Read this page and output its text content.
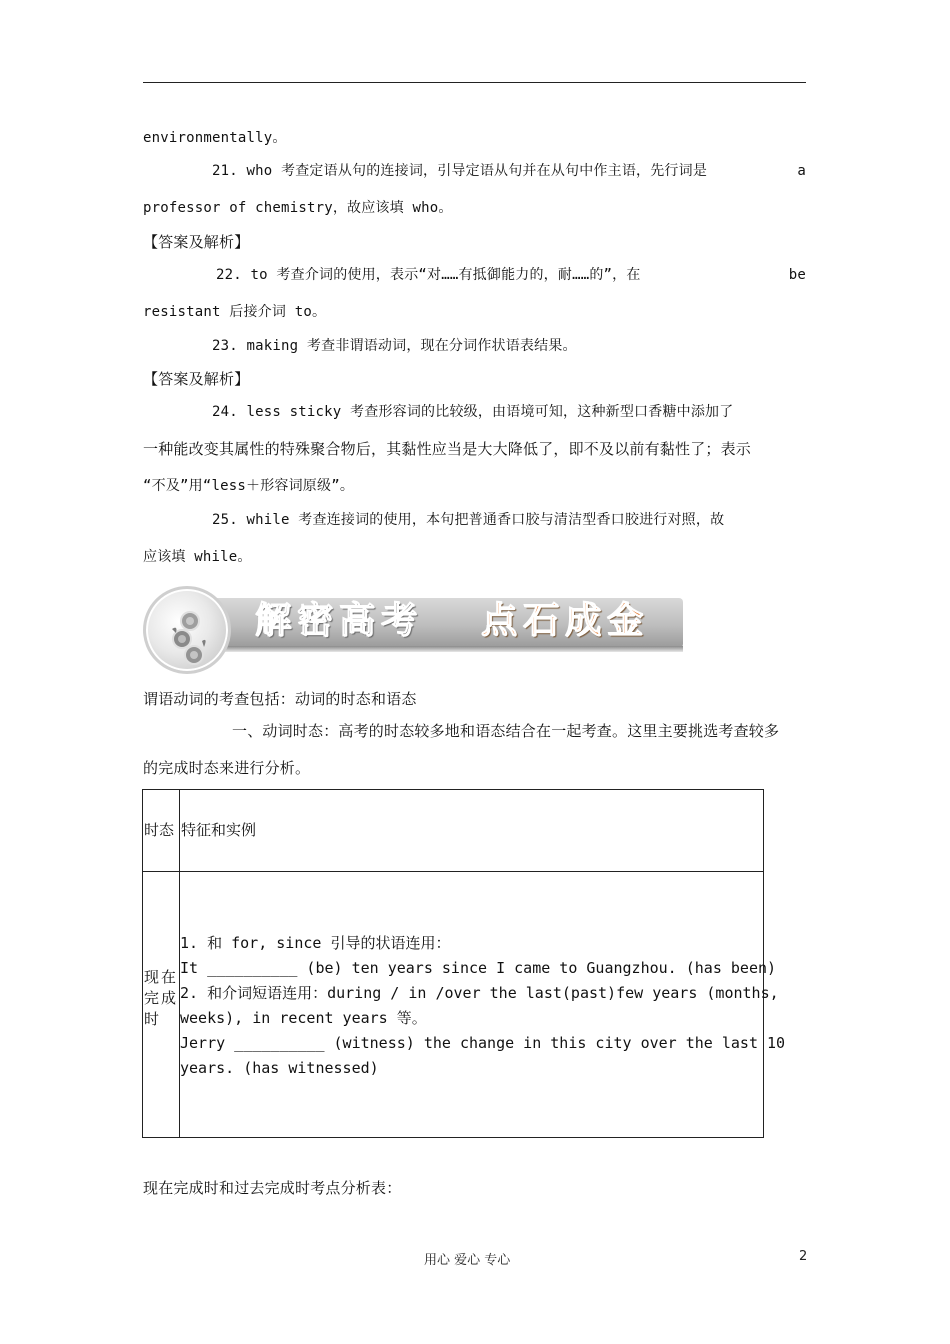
environmentally。
21. who 考查定语从句的连接词，引导定语从句并在从句中作主语，先行词是	a
professor of chemistry，故应该填 who。
【答案及解析】
22. to 考查介词的使用，表示“对……有抵御能力的，耐……的”，在	be
resistant 后接介词 to。
23. making 考查非谓语动词，现在分词作状语表结果。
【答案及解析】
24. less sticky 考查形容词的比较级，由语境可知，这种新型口香糖中添加了
一种能改变其属性的特殊聚合物后，其黏性应当是大大降低了，即不及以前有黏性了；表示
“不及”用“less＋形容词原级”。
25. while 考查连接词的使用，本句把普通香口胶与清洁型香口胶进行对照，故
应该填 while。
解密高考 点石成金
谓语动词的考查包括：动词的时态和语态
一、动词时态：高考的时态较多地和语态结合在一起考查。这里主要挑选考查较多
的完成时态来进行分析。
时态 特征和实例
现在完成时
1. 和 for, since 引导的状语连用：
It __________ (be) ten years since I came to Guangzhou. (has been)
2. 和介词短语连用：during / in /over the last(past)few years (months,
weeks), in recent years 等。
Jerry __________ (witness) the change in this city over the last 10
years. (has witnessed)
现在完成时和过去完成时考点分析表：
用心 爱心 专心	2
